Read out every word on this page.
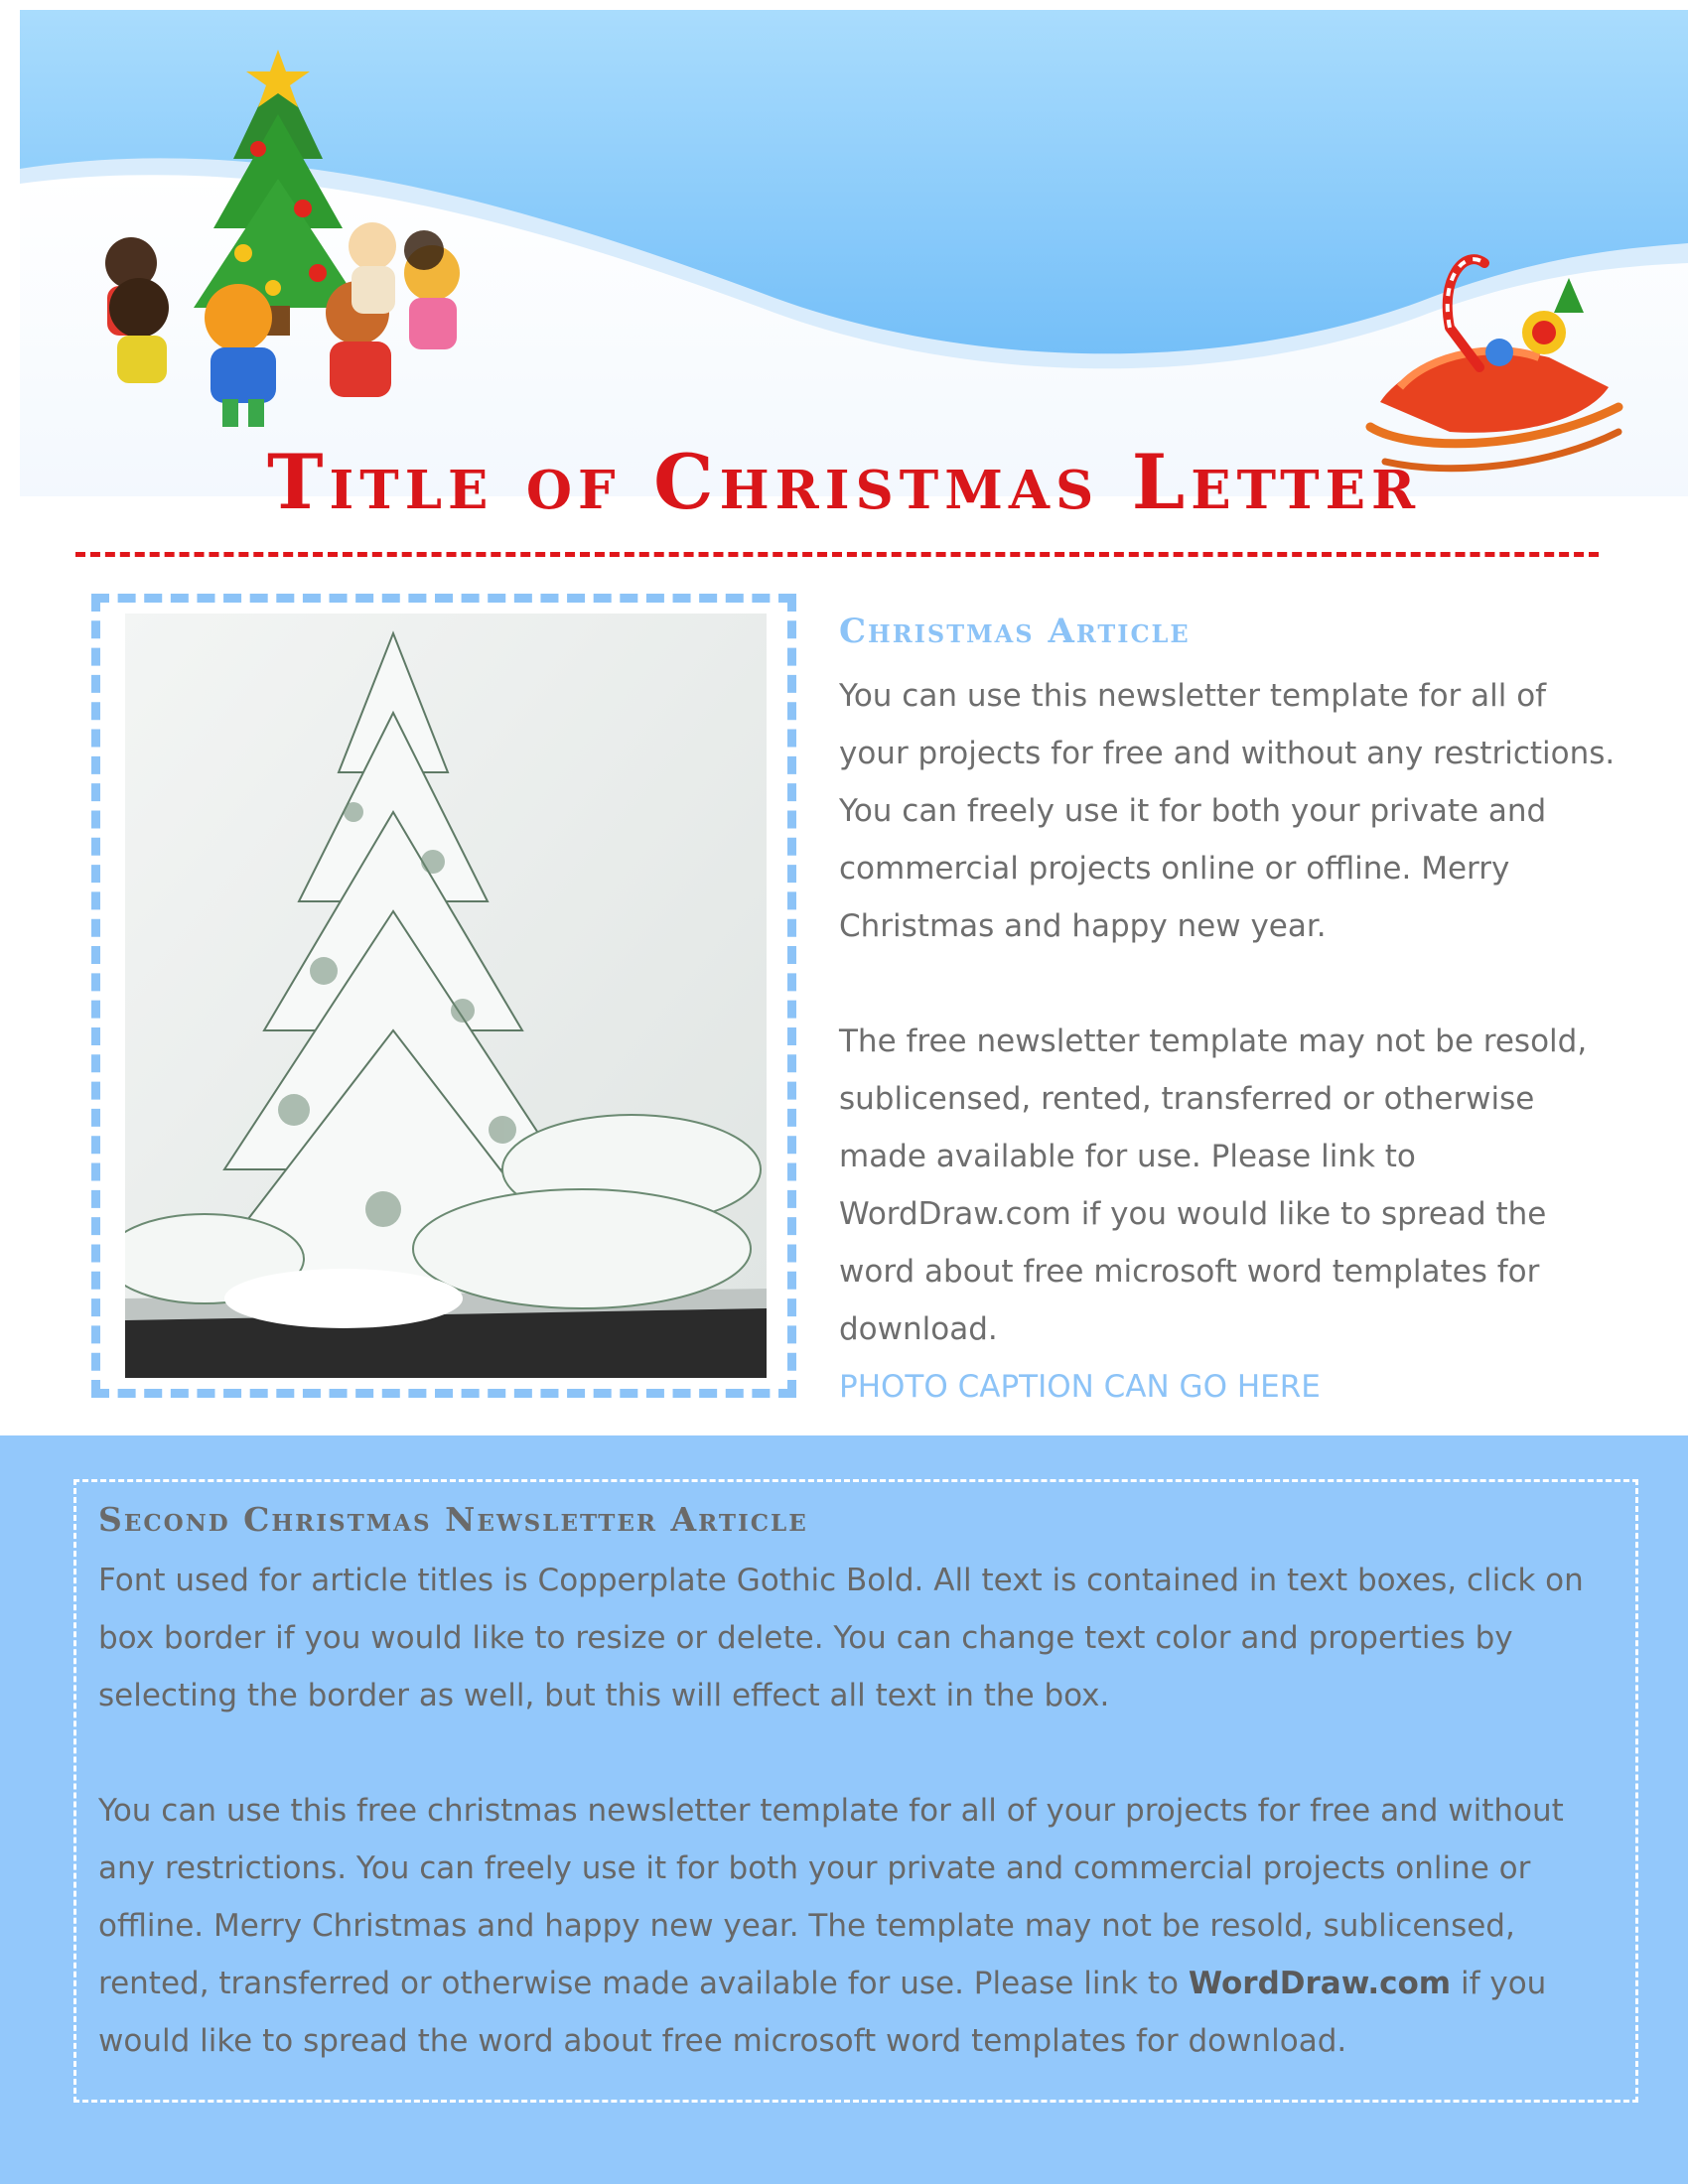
Title of Christmas Letter
Christmas Article

You can use this newsletter template for all of your projects for free and without any restrictions. You can freely use it for both your private and commercial projects online or offline. Merry Christmas and happy new year.

The free newsletter template may not be resold, sublicensed, rented, transferred or otherwise made available for use. Please link to WordDraw.com if you would like to spread the word about free microsoft word templates for download.

PHOTO CAPTION CAN GO HERE

Second Christmas Newsletter Article

Font used for article titles is Copperplate Gothic Bold. All text is contained in text boxes, click on box border if you would like to resize or delete. You can change text color and properties by selecting the border as well, but this will effect all text in the box.

You can use this free christmas newsletter template for all of your projects for free and without any restrictions. You can freely use it for both your private and commercial projects online or offline. Merry Christmas and happy new year. The template may not be resold, sublicensed, rented, transferred or otherwise made available for use. Please link to WordDraw.com if you would like to spread the word about free microsoft word templates for download.
